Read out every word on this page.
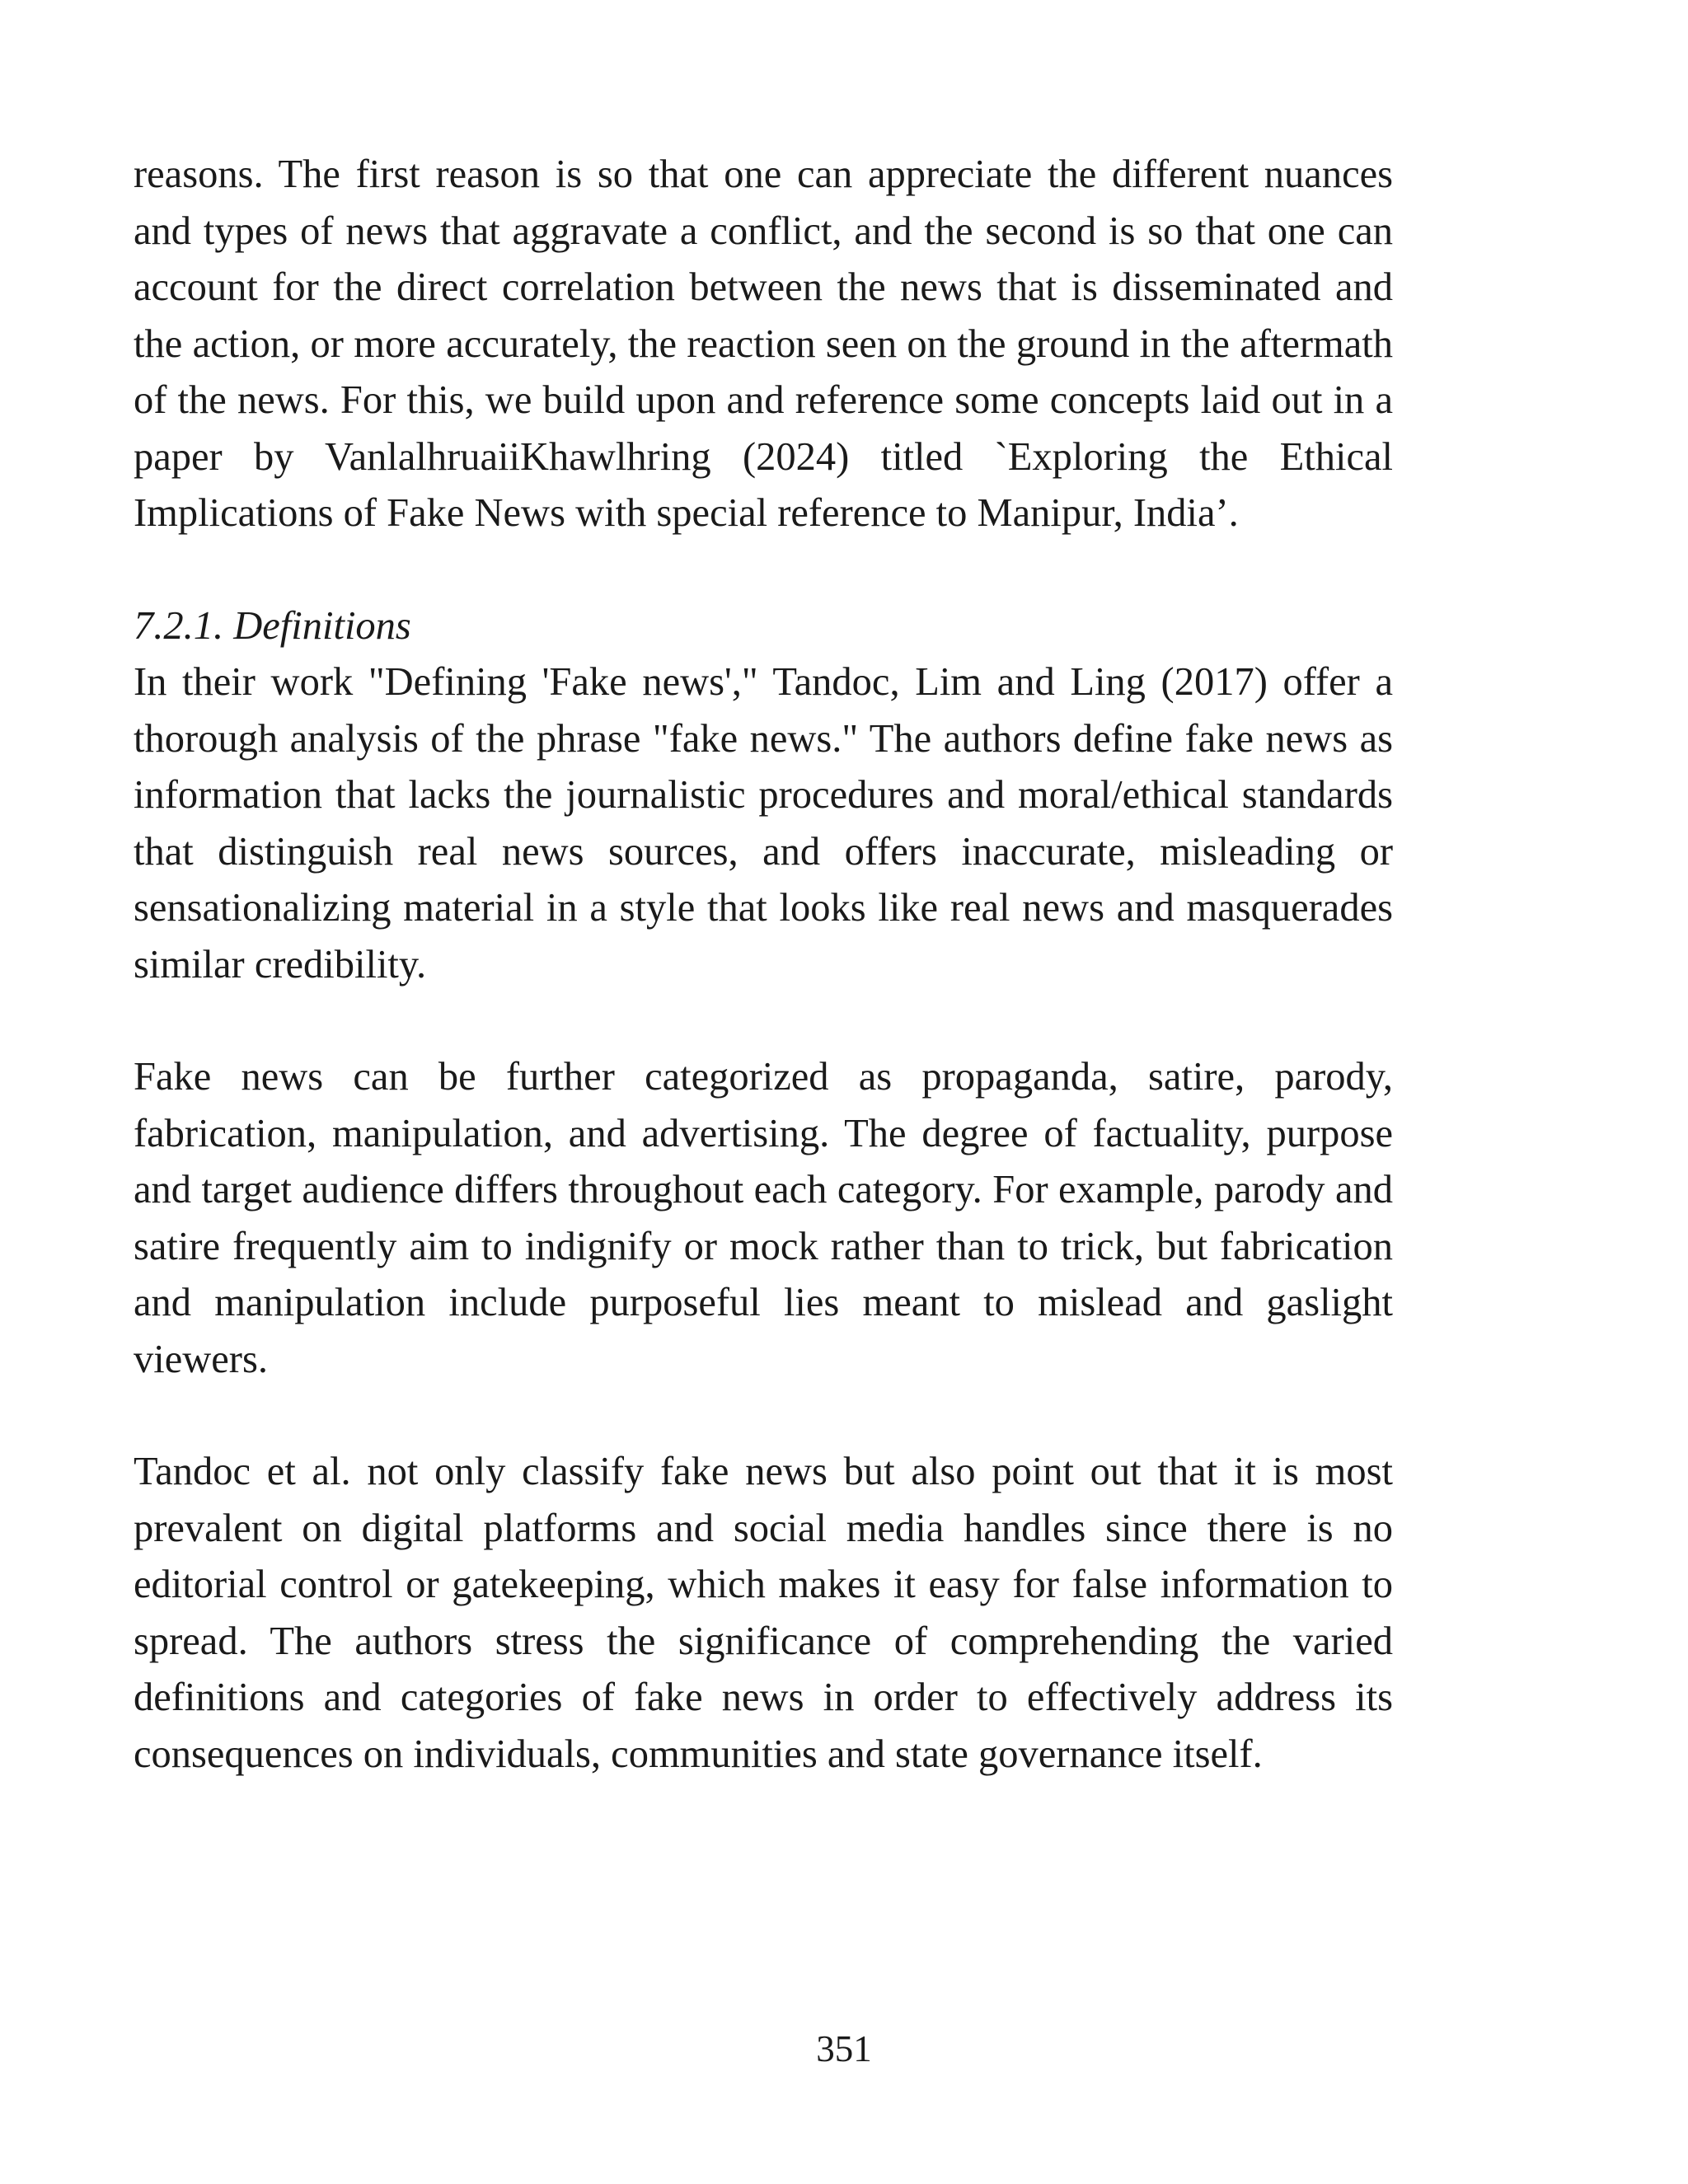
reasons. The first reason is so that one can appreciate the different nuances and types of news that aggravate a conflict, and the second is so that one can account for the direct correlation between the news that is disseminated and the action, or more accurately, the reaction seen on the ground in the aftermath of the news. For this, we build upon and reference some concepts laid out in a paper by VanlalhruaiiKhawlhring (2024) titled `Exploring the Ethical Implications of Fake News with special reference to Manipur, India’.

7.2.1. Definitions

In their work "Defining 'Fake news'," Tandoc, Lim and Ling (2017) offer a thorough analysis of the phrase "fake news." The authors define fake news as information that lacks the journalistic procedures and moral/ethical standards that distinguish real news sources, and offers inaccurate, misleading or sensationalizing material in a style that looks like real news and masquerades similar credibility.

Fake news can be further categorized as propaganda, satire, parody, fabrication, manipulation, and advertising. The degree of factuality, purpose and target audience differs throughout each category. For example, parody and satire frequently aim to indignify or mock rather than to trick, but fabrication and manipulation include purposeful lies meant to mislead and gaslight viewers.

Tandoc et al. not only classify fake news but also point out that it is most prevalent on digital platforms and social media handles since there is no editorial control or gatekeeping, which makes it easy for false information to spread. The authors stress the significance of comprehending the varied definitions and categories of fake news in order to effectively address its consequences on individuals, communities and state governance itself.

351
